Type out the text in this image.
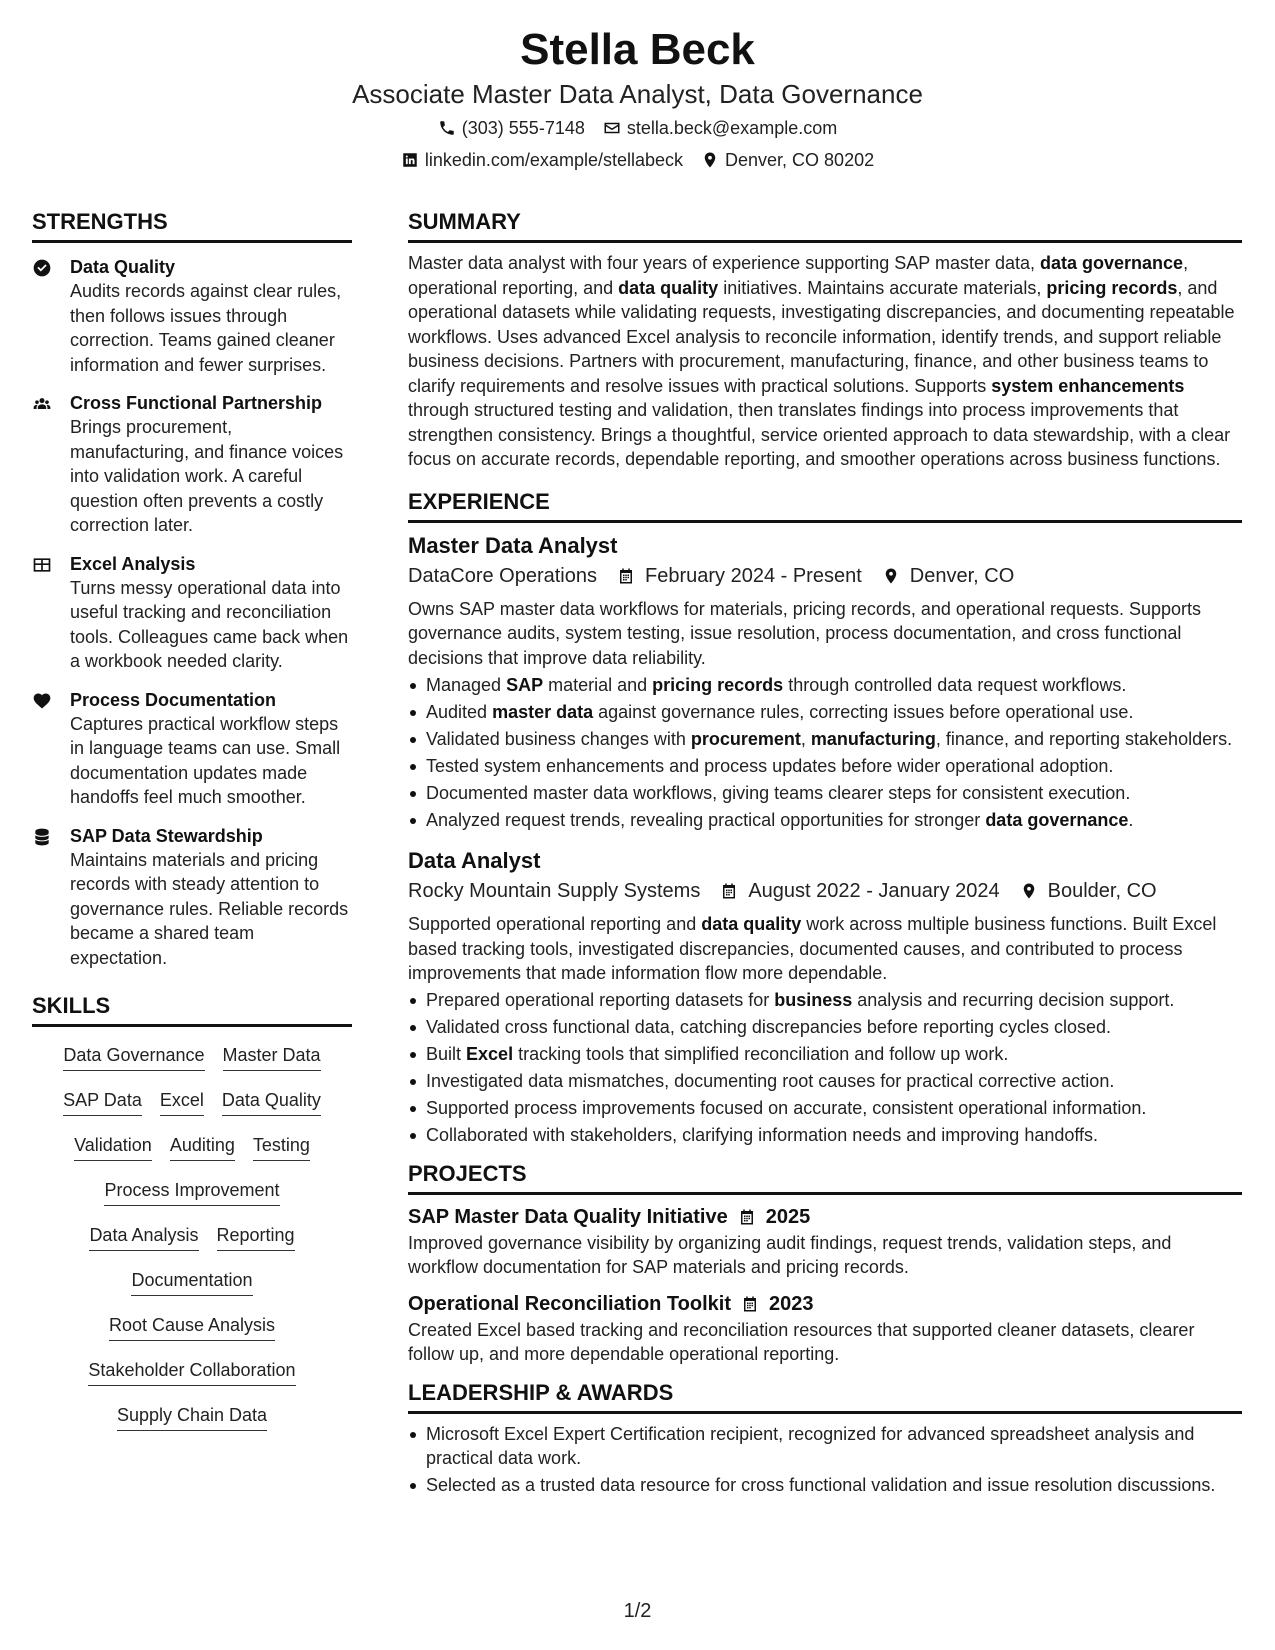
Stella Beck
Associate Master Data Analyst, Data Governance
(303) 555-7148 stella.beck@example.com
linkedin.com/example/stellabeck Denver, CO 80202
STRENGTHS
Data Quality
Audits records against clear rules, then follows issues through correction. Teams gained cleaner information and fewer surprises.
Cross Functional Partnership
Brings procurement, manufacturing, and finance voices into validation work. A careful question often prevents a costly correction later.
Excel Analysis
Turns messy operational data into useful tracking and reconciliation tools. Colleagues came back when a workbook needed clarity.
Process Documentation
Captures practical workflow steps in language teams can use. Small documentation updates made handoffs feel much smoother.
SAP Data Stewardship
Maintains materials and pricing records with steady attention to governance rules. Reliable records became a shared team expectation.
SKILLS
Data Governance Master Data
SAP Data Excel Data Quality
Validation Auditing Testing
Process Improvement
Data Analysis Reporting
Documentation
Root Cause Analysis
Stakeholder Collaboration
Supply Chain Data
SUMMARY
Master data analyst with four years of experience supporting SAP master data, data governance, operational reporting, and data quality initiatives. Maintains accurate materials, pricing records, and operational datasets while validating requests, investigating discrepancies, and documenting repeatable workflows. Uses advanced Excel analysis to reconcile information, identify trends, and support reliable business decisions. Partners with procurement, manufacturing, finance, and other business teams to clarify requirements and resolve issues with practical solutions. Supports system enhancements through structured testing and validation, then translates findings into process improvements that strengthen consistency. Brings a thoughtful, service oriented approach to data stewardship, with a clear focus on accurate records, dependable reporting, and smoother operations across business functions.
EXPERIENCE
Master Data Analyst
DataCore Operations February 2024 - Present Denver, CO
Owns SAP master data workflows for materials, pricing records, and operational requests. Supports governance audits, system testing, issue resolution, process documentation, and cross functional decisions that improve data reliability.
Managed SAP material and pricing records through controlled data request workflows.
Audited master data against governance rules, correcting issues before operational use.
Validated business changes with procurement, manufacturing, finance, and reporting stakeholders.
Tested system enhancements and process updates before wider operational adoption.
Documented master data workflows, giving teams clearer steps for consistent execution.
Analyzed request trends, revealing practical opportunities for stronger data governance.
Data Analyst
Rocky Mountain Supply Systems August 2022 - January 2024 Boulder, CO
Supported operational reporting and data quality work across multiple business functions. Built Excel based tracking tools, investigated discrepancies, documented causes, and contributed to process improvements that made information flow more dependable.
Prepared operational reporting datasets for business analysis and recurring decision support.
Validated cross functional data, catching discrepancies before reporting cycles closed.
Built Excel tracking tools that simplified reconciliation and follow up work.
Investigated data mismatches, documenting root causes for practical corrective action.
Supported process improvements focused on accurate, consistent operational information.
Collaborated with stakeholders, clarifying information needs and improving handoffs.
PROJECTS
SAP Master Data Quality Initiative 2025
Improved governance visibility by organizing audit findings, request trends, validation steps, and workflow documentation for SAP materials and pricing records.
Operational Reconciliation Toolkit 2023
Created Excel based tracking and reconciliation resources that supported cleaner datasets, clearer follow up, and more dependable operational reporting.
LEADERSHIP & AWARDS
Microsoft Excel Expert Certification recipient, recognized for advanced spreadsheet analysis and practical data work.
Selected as a trusted data resource for cross functional validation and issue resolution discussions.
1/2
